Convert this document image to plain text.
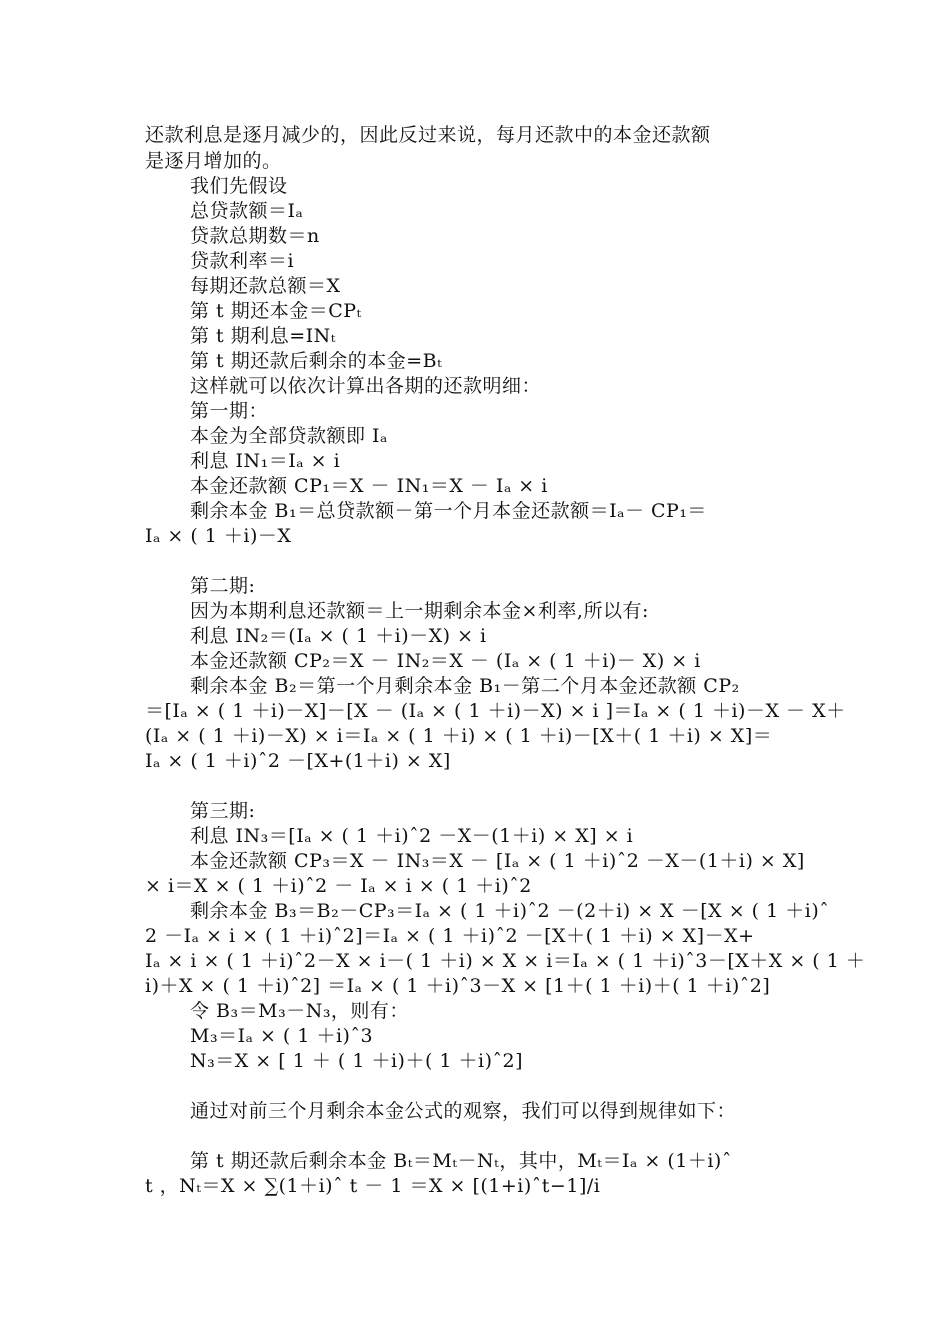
还款利息是逐月减少的，因此反过来说，每月还款中的本金还款额
是逐月增加的。
我们先假设
总贷款额＝Iₐ
贷款总期数＝n
贷款利率＝i
每期还款总额＝X
第 t 期还本金＝CPₜ
第 t 期利息=INₜ
第 t 期还款后剩余的本金=Bₜ
这样就可以依次计算出各期的还款明细：
第一期：
本金为全部贷款额即 Iₐ
利息 IN₁＝Iₐ × i
本金还款额 CP₁＝X － IN₁＝X － Iₐ × i
剩余本金 B₁＝总贷款额－第一个月本金还款额＝Iₐ－ CP₁＝
Iₐ × ( 1 ＋i)－X
第二期:
因为本期利息还款额＝上一期剩余本金×利率,所以有:
利息 IN₂＝(Iₐ × ( 1 ＋i)－X) × i
本金还款额 CP₂＝X － IN₂＝X － (Iₐ × ( 1 ＋i)－ X) × i
剩余本金 B₂＝第一个月剩余本金 B₁－第二个月本金还款额 CP₂
＝[Iₐ × ( 1 ＋i)－X]－[X － (Iₐ × ( 1 ＋i)－X) × i ]＝Iₐ × ( 1 ＋i)－X － X＋
(Iₐ × ( 1 ＋i)－X) × i＝Iₐ × ( 1 ＋i) × ( 1 ＋i)－[X＋( 1 ＋i) × X]＝
Iₐ × ( 1 ＋i)ˆ2 －[X+(1＋i) × X]
第三期:
利息 IN₃＝[Iₐ × ( 1 ＋i)ˆ2 －X－(1＋i) × X] × i
本金还款额 CP₃＝X － IN₃＝X － [Iₐ × ( 1 ＋i)ˆ2 －X－(1＋i) × X]
× i＝X × ( 1 ＋i)ˆ2 － Iₐ × i × ( 1 ＋i)ˆ2
剩余本金 B₃＝B₂－CP₃＝Iₐ × ( 1 ＋i)ˆ2 －(2＋i) × X －[X × ( 1 ＋i)ˆ
2 －Iₐ × i × ( 1 ＋i)ˆ2]＝Iₐ × ( 1 ＋i)ˆ2 －[X＋( 1 ＋i) × X]－X+
Iₐ × i × ( 1 ＋i)ˆ2－X × i－( 1 ＋i) × X × i＝Iₐ × ( 1 ＋i)ˆ3－[X＋X × ( 1 ＋
i)＋X × ( 1 ＋i)ˆ2] ＝Iₐ × ( 1 ＋i)ˆ3－X × [1＋( 1 ＋i)＋( 1 ＋i)ˆ2]
令 B₃＝M₃－N₃，则有：
M₃＝Iₐ × ( 1 ＋i)ˆ3
N₃＝X × [ 1 ＋ ( 1 ＋i)＋( 1 ＋i)ˆ2]
通过对前三个月剩余本金公式的观察，我们可以得到规律如下：
第 t 期还款后剩余本金 Bₜ＝Mₜ－Nₜ，其中，Mₜ＝Iₐ × (1＋i)ˆ
t ，Nₜ＝X × ∑(1＋i)ˆ t － 1 ＝X × [(1+i)ˆt−1]/i
